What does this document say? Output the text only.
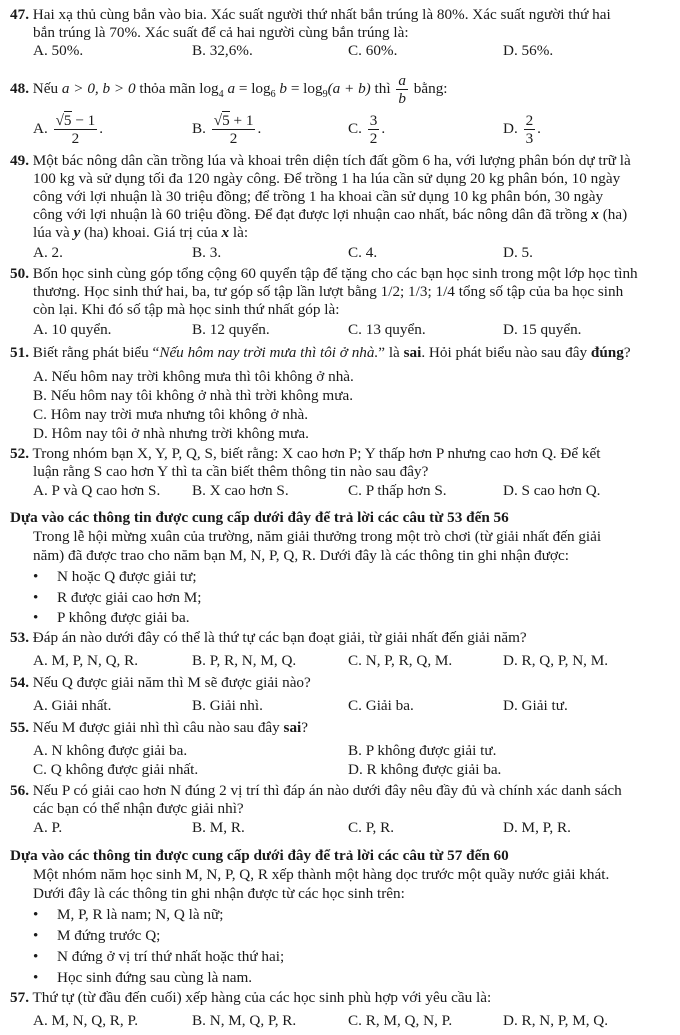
47. Hai xạ thủ cùng bắn vào bia. Xác suất người thứ nhất bắn trúng là 80%. Xác suất người thứ hai
bắn trúng là 70%. Xác suất để cả hai người cùng bắn trúng là:
A. 50%.	B. 32,6%.	C. 60%.	D. 56%.
48. Nếu a > 0, b > 0 thỏa mãn $\log_4 a = \log_6 b = \log_9(a + b)$ thì $\frac{a}{b}$ bằng:
A. $\frac{√5 - 1}{2}$ .	B. $\frac{√5 + 1}{2}$ .	C. $\frac{3}{2}$ .	D. $\frac{2}{3}$ .
49. Một bác nông dân cần trồng lúa và khoai trên diện tích đất gồm 6 ha, với lượng phân bón dự trữ là
100 kg và sử dụng tối đa 120 ngày công. Để trồng 1 ha lúa cần sử dụng 20 kg phân bón, 10 ngày
công với lợi nhuận là 30 triệu đồng; để trồng 1 ha khoai cần sử dụng 10 kg phân bón, 30 ngày
công với lợi nhuận là 60 triệu đồng. Để đạt được lợi nhuận cao nhất, bác nông dân đã trồng x (ha)
lúa và y (ha) khoai. Giá trị của x là:
A. 2.	B. 3.	C. 4.	D. 5.
50. Bốn học sinh cùng góp tổng cộng 60 quyển tập để tặng cho các bạn học sinh trong một lớp học tình
thương. Học sinh thứ hai, ba, tư góp số tập lần lượt bằng 1/2; 1/3; 1/4 tổng số tập của ba học sinh
còn lại. Khi đó số tập mà học sinh thứ nhất góp là:
A. 10 quyển.	B. 12 quyển.	C. 13 quyển.	D. 15 quyển.
51. Biết rằng phát biểu “Nếu hôm nay trời mưa thì tôi ở nhà.” là sai. Hỏi phát biểu nào sau đây đúng?
A. Nếu hôm nay trời không mưa thì tôi không ở nhà.
B. Nếu hôm nay tôi không ở nhà thì trời không mưa.
C. Hôm nay trời mưa nhưng tôi không ở nhà.
D. Hôm nay tôi ở nhà nhưng trời không mưa.
52. Trong nhóm bạn X, Y, P, Q, S, biết rằng: X cao hơn P; Y thấp hơn P nhưng cao hơn Q. Để kết
luận rằng S cao hơn Y thì ta cần biết thêm thông tin nào sau đây?
A. P và Q cao hơn S. B. X cao hơn S.	C. P thấp hơn S.	D. S cao hơn Q.
Dựa vào các thông tin được cung cấp dưới đây để trả lời các câu từ 53 đến 56
Trong lễ hội mừng xuân của trường, năm giải thưởng trong một trò chơi (từ giải nhất đến giải
năm) đã được trao cho năm bạn M, N, P, Q, R. Dưới đây là các thông tin ghi nhận được:
• N hoặc Q được giải tư;
• R được giải cao hơn M;
• P không được giải ba.
53. Đáp án nào dưới đây có thể là thứ tự các bạn đoạt giải, từ giải nhất đến giải năm?
A. M, P, N, Q, R.	B. P, R, N, M, Q.	C. N, P, R, Q, M.	D. R, Q, P, N, M.
54. Nếu Q được giải năm thì M sẽ được giải nào?
A. Giải nhất.	B. Giải nhì.	C. Giải ba.	D. Giải tư.
55. Nếu M được giải nhì thì câu nào sau đây sai?
A. N không được giải ba.	B. P không được giải tư.
C. Q không được giải nhất.	D. R không được giải ba.
56. Nếu P có giải cao hơn N đúng 2 vị trí thì đáp án nào dưới đây nêu đầy đủ và chính xác danh sách
các bạn có thể nhận được giải nhì?
A. P.	B. M, R.	C. P, R.	D. M, P, R.
Dựa vào các thông tin được cung cấp dưới đây để trả lời các câu từ 57 đến 60
Một nhóm năm học sinh M, N, P, Q, R xếp thành một hàng dọc trước một quầy nước giải khát.
Dưới đây là các thông tin ghi nhận được từ các học sinh trên:
• M, P, R là nam; N, Q là nữ;
• M đứng trước Q;
• N đứng ở vị trí thứ nhất hoặc thứ hai;
• Học sinh đứng sau cùng là nam.
57. Thứ tự (từ đầu đến cuối) xếp hàng của các học sinh phù hợp với yêu cầu là:
A. M, N, Q, R, P.	B. N, M, Q, P, R.	C. R, M, Q, N, P.	D. R, N, P, M, Q.
